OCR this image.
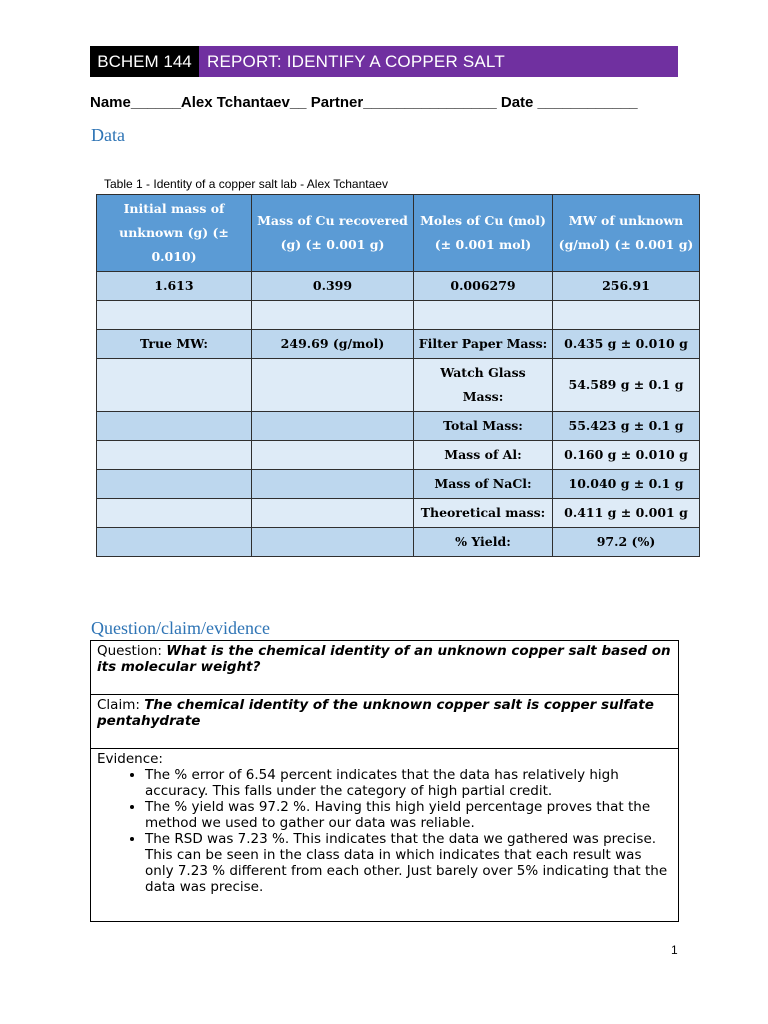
BCHEM 144 REPORT: IDENTIFY A COPPER SALT
Name______Alex Tchantaev__ Partner________________ Date ____________
Data
Table 1 - Identity of a copper salt lab - Alex Tchantaev
Initial mass of unknown (g) (± 0.010)	Mass of Cu recovered (g) (± 0.001 g)	Moles of Cu (mol) (± 0.001 mol)	MW of unknown (g/mol) (± 0.001 g)
1.613	0.399	0.006279	256.91

True MW:	249.69 (g/mol)	Filter Paper Mass:	0.435 g ± 0.010 g
		Watch Glass Mass:	54.589 g ± 0.1 g
		Total Mass:	55.423 g ± 0.1 g
		Mass of Al:	0.160 g ± 0.010 g
		Mass of NaCl:	10.040 g ± 0.1 g
		Theoretical mass:	0.411 g ± 0.001 g
		% Yield:	97.2 (%)
Question/claim/evidence
Question: What is the chemical identity of an unknown copper salt based on its molecular weight?
Claim: The chemical identity of the unknown copper salt is copper sulfate pentahydrate

Evidence:
• The % error of 6.54 percent indicates that the data has relatively high accuracy. This falls under the category of high partial credit.
• The % yield was 97.2 %. Having this high yield percentage proves that the method we used to gather our data was reliable.
• The RSD was 7.23 %. This indicates that the data we gathered was precise. This can be seen in the class data in which indicates that each result was only 7.23 % different from each other. Just barely over 5% indicating that the data was precise.
1
